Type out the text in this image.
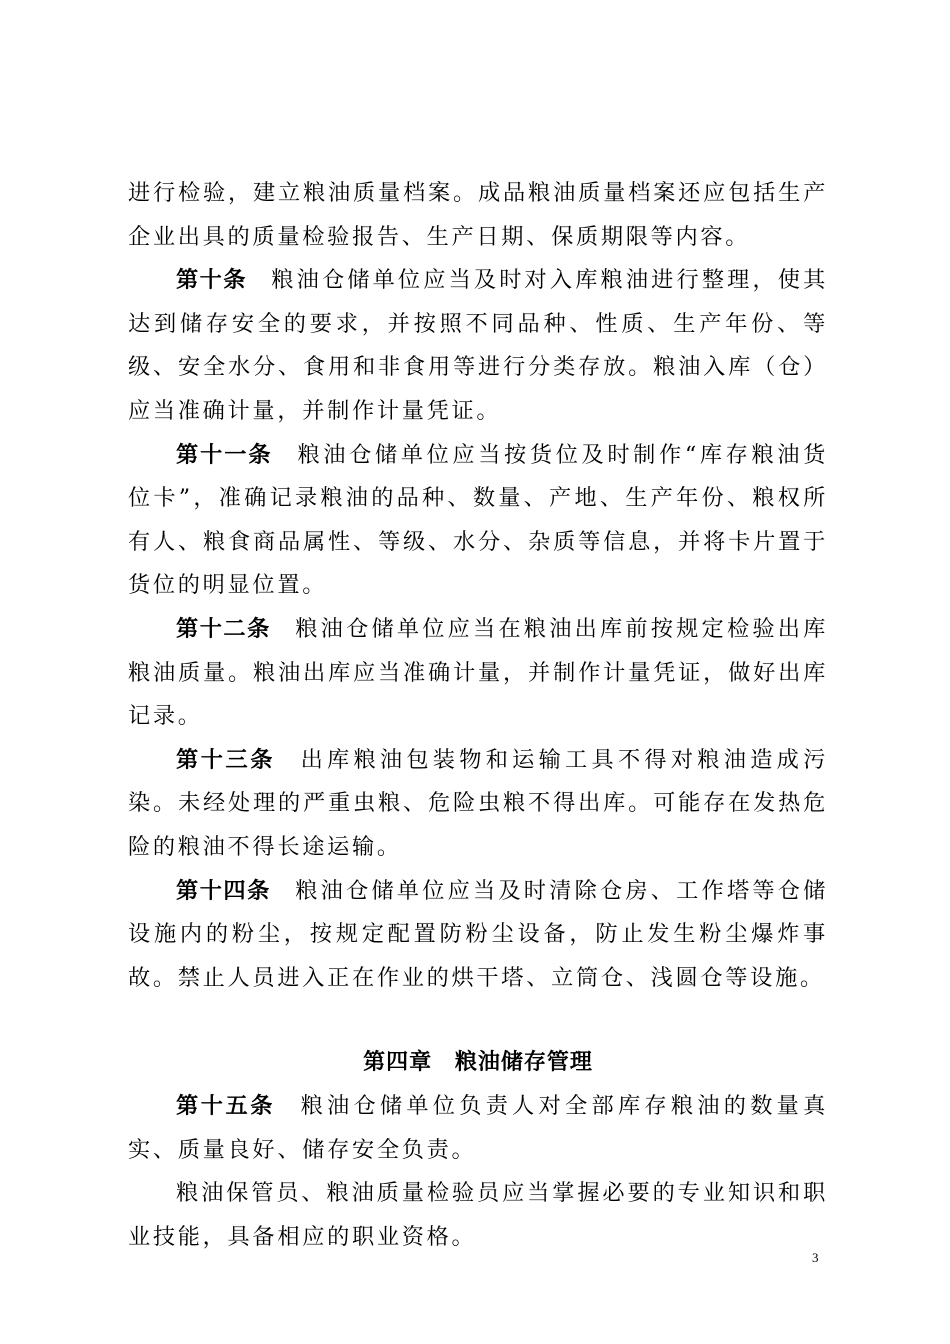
进行检验，建立粮油质量档案。成品粮油质量档案还应包括生产企业出具的质量检验报告、生产日期、保质期限等内容。

第十条 粮油仓储单位应当及时对入库粮油进行整理，使其达到储存安全的要求，并按照不同品种、性质、生产年份、等级、安全水分、食用和非食用等进行分类存放。粮油入库（仓）应当准确计量，并制作计量凭证。

第十一条 粮油仓储单位应当按货位及时制作“库存粮油货位卡”，准确记录粮油的品种、数量、产地、生产年份、粮权所有人、粮食商品属性、等级、水分、杂质等信息，并将卡片置于货位的明显位置。

第十二条 粮油仓储单位应当在粮油出库前按规定检验出库粮油质量。粮油出库应当准确计量，并制作计量凭证，做好出库记录。

第十三条 出库粮油包装物和运输工具不得对粮油造成污染。未经处理的严重虫粮、危险虫粮不得出库。可能存在发热危险的粮油不得长途运输。

第十四条 粮油仓储单位应当及时清除仓房、工作塔等仓储设施内的粉尘，按规定配置防粉尘设备，防止发生粉尘爆炸事故。禁止人员进入正在作业的烘干塔、立筒仓、浅圆仓等设施。

第四章 粮油储存管理

第十五条 粮油仓储单位负责人对全部库存粮油的数量真实、质量良好、储存安全负责。

粮油保管员、粮油质量检验员应当掌握必要的专业知识和职业技能，具备相应的职业资格。

3
